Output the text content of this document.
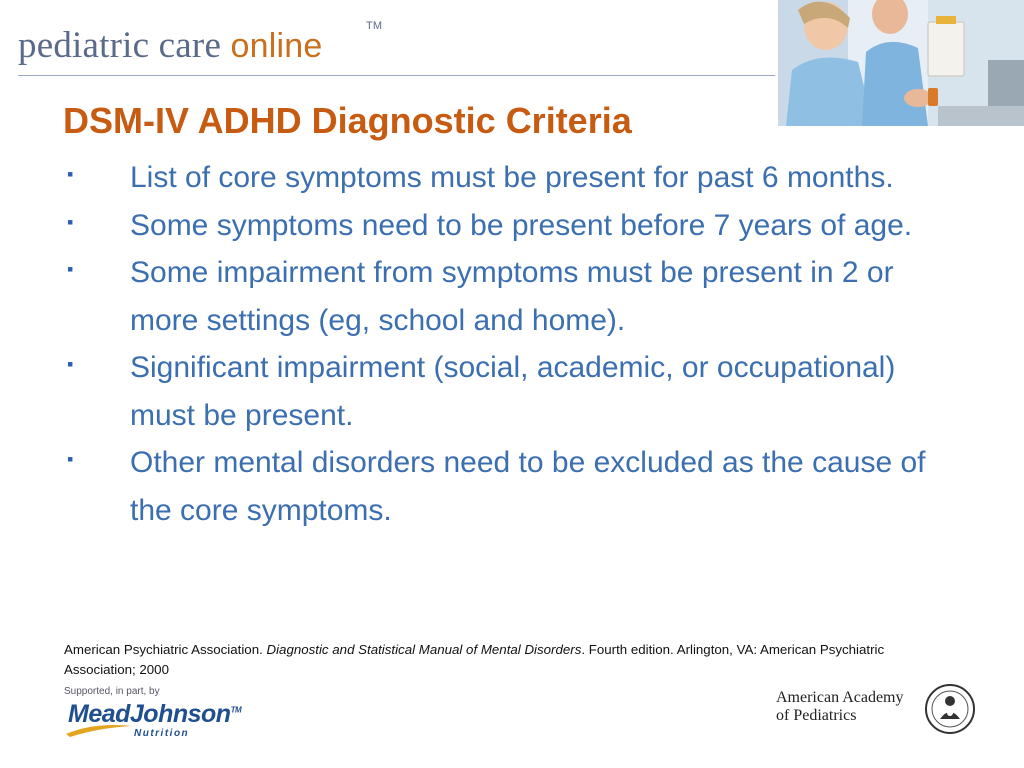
pediatric care online
TM
DSM-IV ADHD Diagnostic Criteria
▪ List of core symptoms must be present for past 6 months.
▪ Some symptoms need to be present before 7 years of age.
▪ Some impairment from symptoms must be present in 2 or more settings (eg, school and home).
▪ Significant impairment (social, academic, or occupational) must be present.
▪ Other mental disorders need to be excluded as the cause of the core symptoms.
American Psychiatric Association. Diagnostic and Statistical Manual of Mental Disorders. Fourth edition. Arlington, VA: American Psychiatric Association; 2000
Supported, in part, by
MeadJohnson™
Nutrition
American Academy
of Pediatrics
